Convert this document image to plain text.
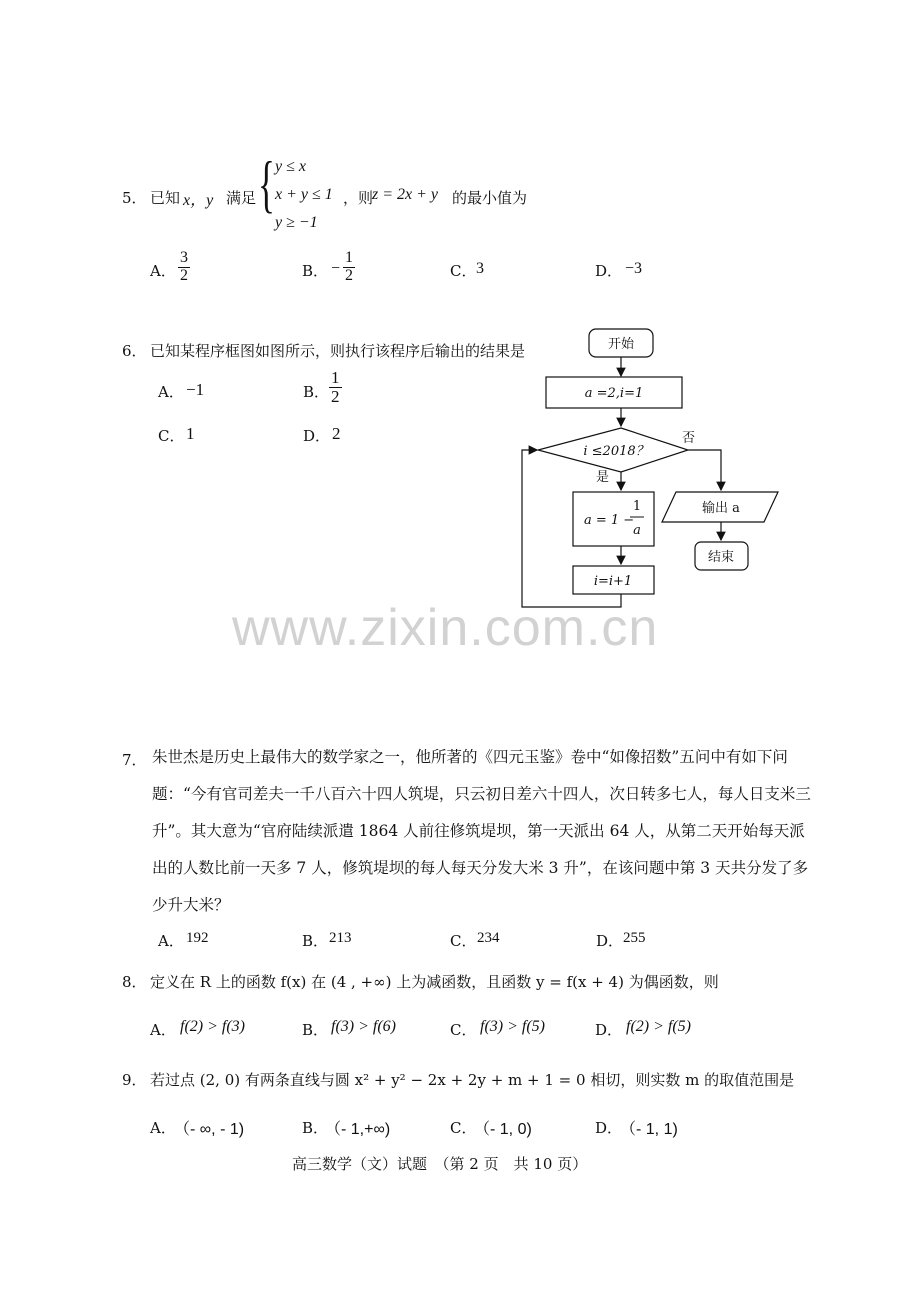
5． 已知 x，y 满足 { y ≤ x
x + y ≤ 1
y ≥ −1
，则
z = 2x + y 的最小值为
A． $\frac{3}{2}$	B． − $\frac{1}{2}$	C． 3	D． −3
6． 已知某程序框图如图所示，则执行该程序后输出的结果是
A． −1	B． $\frac{1}{2}$
C． 1	D． 2
开始
a =2,i=1
i ≤2018？
是
否
a = 1 −
1
a
i=i+1
输出 a
结束
www.zixin.com.cn
7． 朱世杰是历史上最伟大的数学家之一，他所著的《四元玉鉴》卷中“如像招数”五问中有如下问题：“今有官司差夫一千八百六十四人筑堤，只云初日差六十四人，次日转多七人，每人日支米三升”。其大意为“官府陆续派遣 1864 人前往修筑堤坝，第一天派出 64 人，从第二天开始每天派出的人数比前一天多 7 人，修筑堤坝的每人每天分发大米 3 升”，在该问题中第 3 天共分发了多少升大米？
A． 192	B． 213	C． 234	D． 255
8． 定义在 R 上的函数 f(x) 在 (4 , +∞) 上为减函数，且函数 y = f(x + 4) 为偶函数，则
A． f(2) > f(3)	B． f(3) > f(6)	C． f(3) > f(5)	D． f(2) > f(5)
9． 若过点 (2, 0) 有两条直线与圆 x² + y² − 2x + 2y + m + 1 = 0 相切，则实数 m 的取值范围是
A．
（- ∞, - 1)	B．
（- 1,+∞)	C．
（- 1, 0)	D．
（- 1, 1)
高三数学（文）试题　（第 2 页　共 10 页）
